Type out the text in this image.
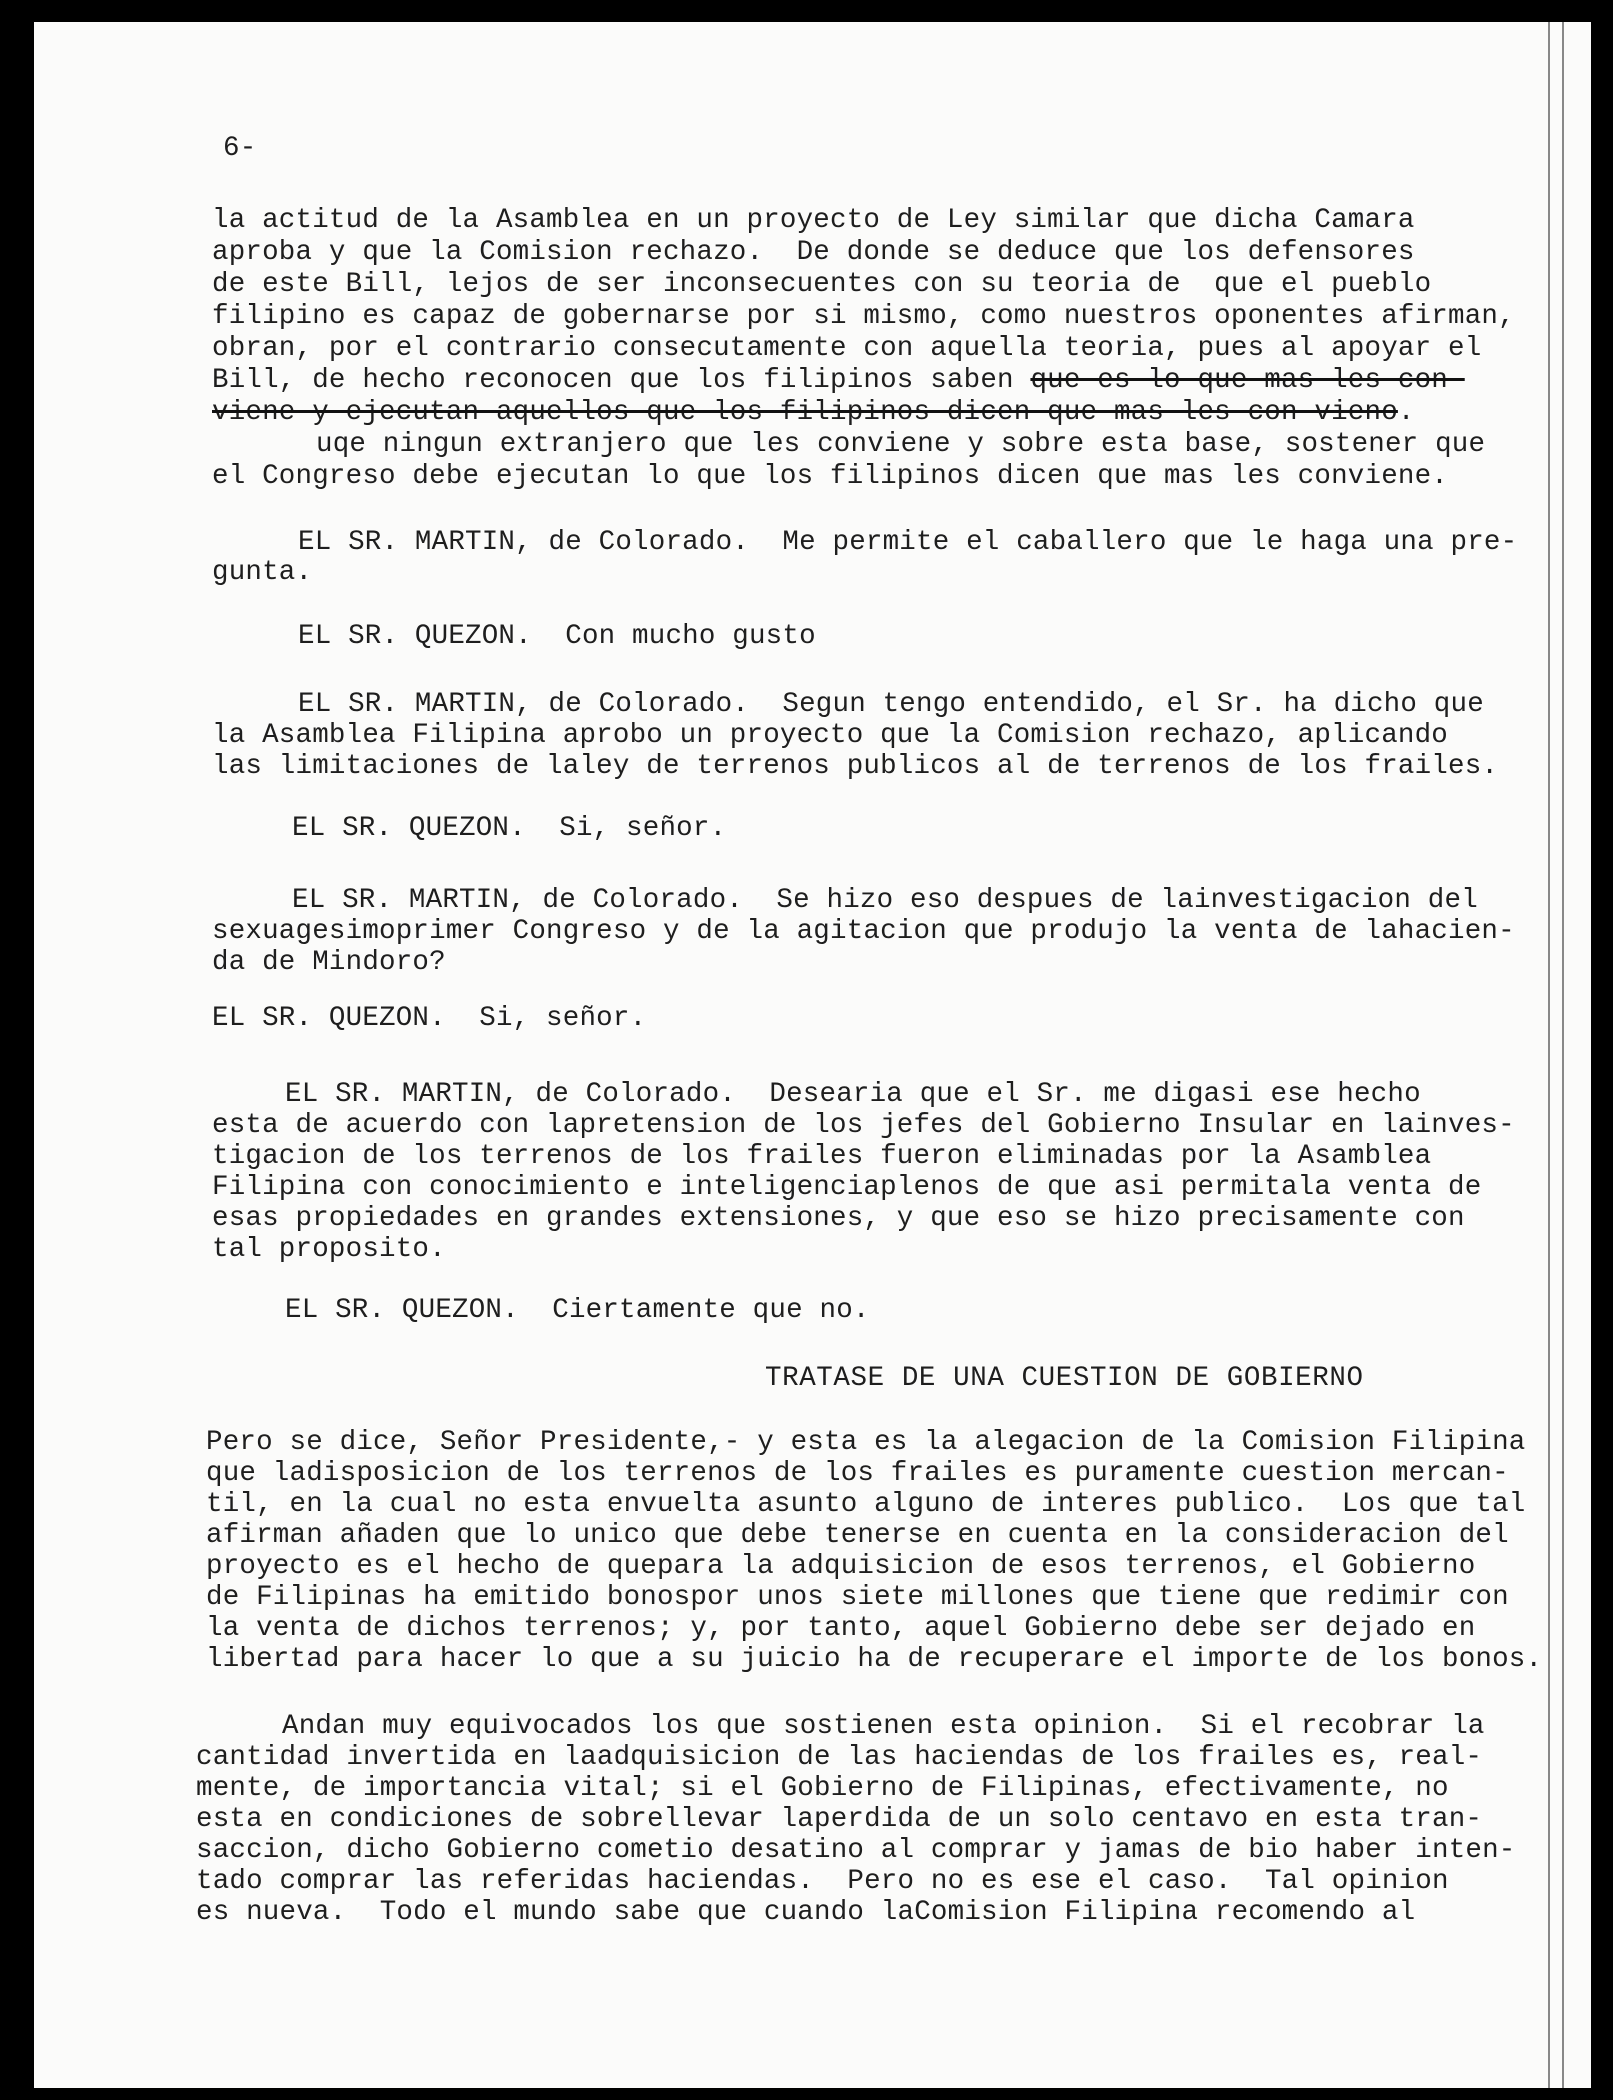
6-
la actitud de la Asamblea en un proyecto de Ley similar que dicha Camara
aproba y que la Comision rechazo.  De donde se deduce que los defensores
de este Bill, lejos de ser inconsecuentes con su teoria de  que el pueblo
filipino es capaz de gobernarse por si mismo, como nuestros oponentes afirman,
obran, por el contrario consecutamente con aquella teoria, pues al apoyar el
Bill, de hecho reconocen que los filipinos saben que es lo que mas les con-
viene y ejecutan aquellos que los filipinos dicen que mas les con vieno.
uqe ningun extranjero que les conviene y sobre esta base, sostener que
el Congreso debe ejecutan lo que los filipinos dicen que mas les conviene.
EL SR. MARTIN, de Colorado.  Me permite el caballero que le haga una pre-
gunta.
EL SR. QUEZON.  Con mucho gusto
EL SR. MARTIN, de Colorado.  Segun tengo entendido, el Sr. ha dicho que
la Asamblea Filipina aprobo un proyecto que la Comision rechazo, aplicando
las limitaciones de laley de terrenos publicos al de terrenos de los frailes.
EL SR. QUEZON.  Si, señor.
EL SR. MARTIN, de Colorado.  Se hizo eso despues de lainvestigacion del
sexuagesimoprimer Congreso y de la agitacion que produjo la venta de lahacien-
da de Mindoro?
EL SR. QUEZON.  Si, señor.
EL SR. MARTIN, de Colorado.  Desearia que el Sr. me digasi ese hecho
esta de acuerdo con lapretension de los jefes del Gobierno Insular en lainves-
tigacion de los terrenos de los frailes fueron eliminadas por la Asamblea
Filipina con conocimiento e inteligenciaplenos de que asi permitala venta de
esas propiedades en grandes extensiones, y que eso se hizo precisamente con
tal proposito.
EL SR. QUEZON.  Ciertamente que no.
TRATASE DE UNA CUESTION DE GOBIERNO
Pero se dice, Señor Presidente,- y esta es la alegacion de la Comision Filipina
que ladisposicion de los terrenos de los frailes es puramente cuestion mercan-
til, en la cual no esta envuelta asunto alguno de interes publico.  Los que tal
afirman añaden que lo unico que debe tenerse en cuenta en la consideracion del
proyecto es el hecho de quepara la adquisicion de esos terrenos, el Gobierno
de Filipinas ha emitido bonospor unos siete millones que tiene que redimir con
la venta de dichos terrenos; y, por tanto, aquel Gobierno debe ser dejado en
libertad para hacer lo que a su juicio ha de recuperare el importe de los bonos.
Andan muy equivocados los que sostienen esta opinion.  Si el recobrar la
cantidad invertida en laadquisicion de las haciendas de los frailes es, real-
mente, de importancia vital; si el Gobierno de Filipinas, efectivamente, no
esta en condiciones de sobrellevar laperdida de un solo centavo en esta tran-
saccion, dicho Gobierno cometio desatino al comprar y jamas de bio haber inten-
tado comprar las referidas haciendas.  Pero no es ese el caso.  Tal opinion
es nueva.  Todo el mundo sabe que cuando laComision Filipina recomendo al
